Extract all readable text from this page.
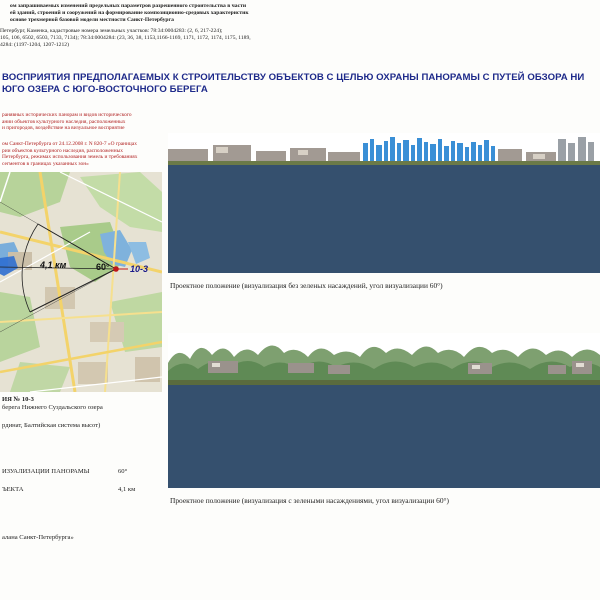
ом запрашиваемых изменений предельных параметров разрешенного строительства в части
ей зданий, строений и сооружений на формирование композиционно-средовых характеристик
основе трехмерной базовой модели местности Санкт-Петербурга
Петербург, Каменка, кадастровые номера земельных участков: 78:34:0004283: (2, 6, 217-224);
105, 106, 6502, 6503, 7133, 7134); 78:34:0004284: (23, 36, 38, 1153,1166-1169, 1171, 1172, 1174, 1175, 1189,
4284: (1197-1204, 1207-1212)
ВОСПРИЯТИЯ ПРЕДПОЛАГАЕМЫХ К СТРОИТЕЛЬСТВУ ОБЪЕКТОВ С ЦЕЛЬЮ ОХРАНЫ ПАНОРАМЫ С ПУТЕЙ ОБЗОРА НИ
ЮГО ОЗЕРА С ЮГО-ВОСТОЧНОГО БЕРЕГА
ранявных исторических панорам и видов исторического
ании объектов культурного наследия, расположенных
и пригородов, воздействие на визуальное восприятие
ом Санкт-Петербурга от 24.12.2008 г. N 820-7 «О границах
рии объектов культурного наследия, расположенных
Петербурга, режимах использования земель и требованиях
сегментов в границах указанных зон»
4,1 км	60° 10-3
ИЯ № 10-3
берега Нижнего Суздальского озера
рдинат, Балтийская система высот)
ИЗУАЛИЗАЦИИ ПАНОРАМЫ	60°
ЪЕКТА	4,1 км
алана Санкт-Петербурга»
Проектное положение (визуализация без зеленых насаждений, угол визуализации 60°)
Проектное положение (визуализация с зелеными насаждениями, угол визуализации 60°)
